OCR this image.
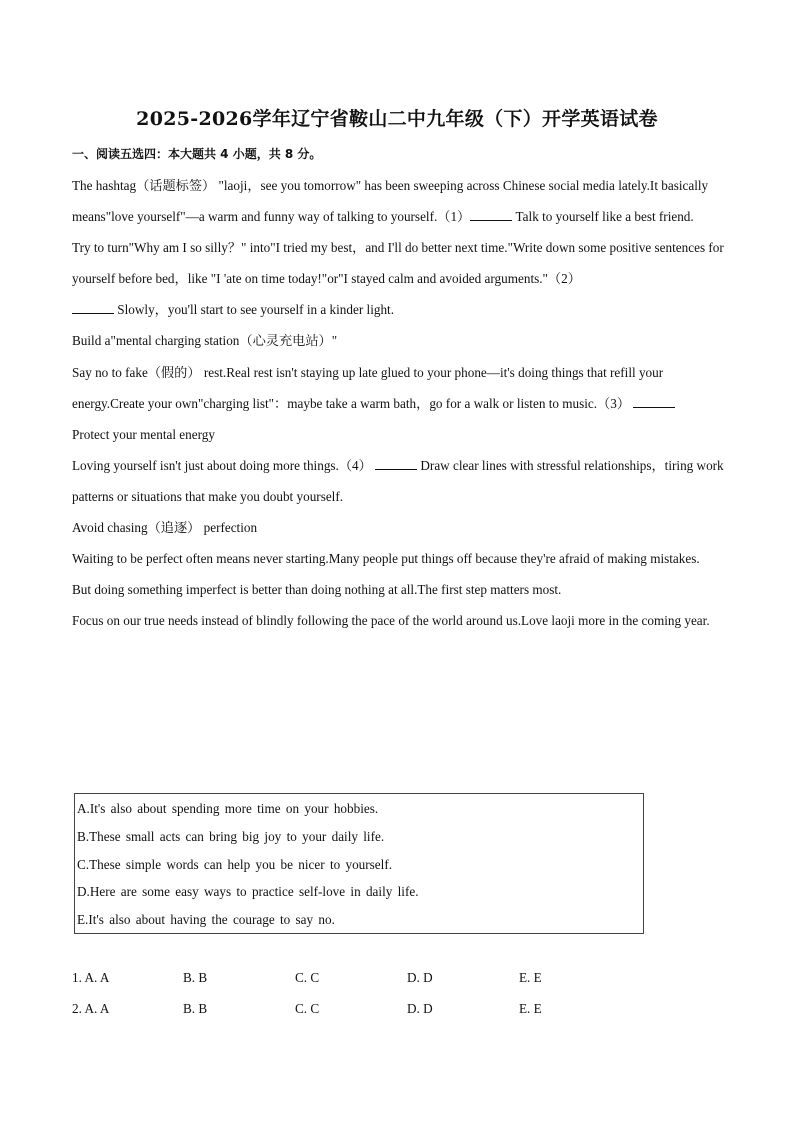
2025-2026学年辽宁省鞍山二中九年级（下）开学英语试卷
一、阅读五选四：本大题共 4 小题，共 8 分。

The hashtag（话题标签） "laoji，see you tomorrow" has been sweeping across Chinese social media lately.It basically means"love yourself"—a warm and funny way of talking to yourself.（1）	Talk to yourself like a best friend.

Try to turn"Why am I so silly？" into"I tried my best，and I'll do better next time."Write down some positive sentences for yourself before bed，like "I 'ate on time today!"or"I stayed calm and avoided arguments."（2）
Slowly，you'll start to see yourself in a kinder light.

Build a"mental charging station（心灵充电站）"

Say no to fake（假的） rest.Real rest isn't staying up late glued to your phone—it's doing things that refill your energy.Create your own"charging list"：maybe take a warm bath，go for a walk or listen to music.（3）

Protect your mental energy

Loving yourself isn't just about doing more things.（4）	Draw clear lines with stressful relationships，tiring work patterns or situations that make you doubt yourself.

Avoid chasing（追逐） perfection

Waiting to be perfect often means never starting.Many people put things off because they're afraid of making mistakes.

But doing something imperfect is better than doing nothing at all.The first step matters most.

Focus on our true needs instead of blindly following the pace of the world around us.Love laoji more in the coming year.

A.It's also about spending more time on your hobbies.
B.These small acts can bring big joy to your daily life.
C.These simple words can help you be nicer to yourself.
D.Here are some easy ways to practice self-love in daily life.
E.It's also about having the courage to say no.
1. A. A	B. B	C. C	D. D	E. E
2. A. A	B. B	C. C	D. D	E. E
